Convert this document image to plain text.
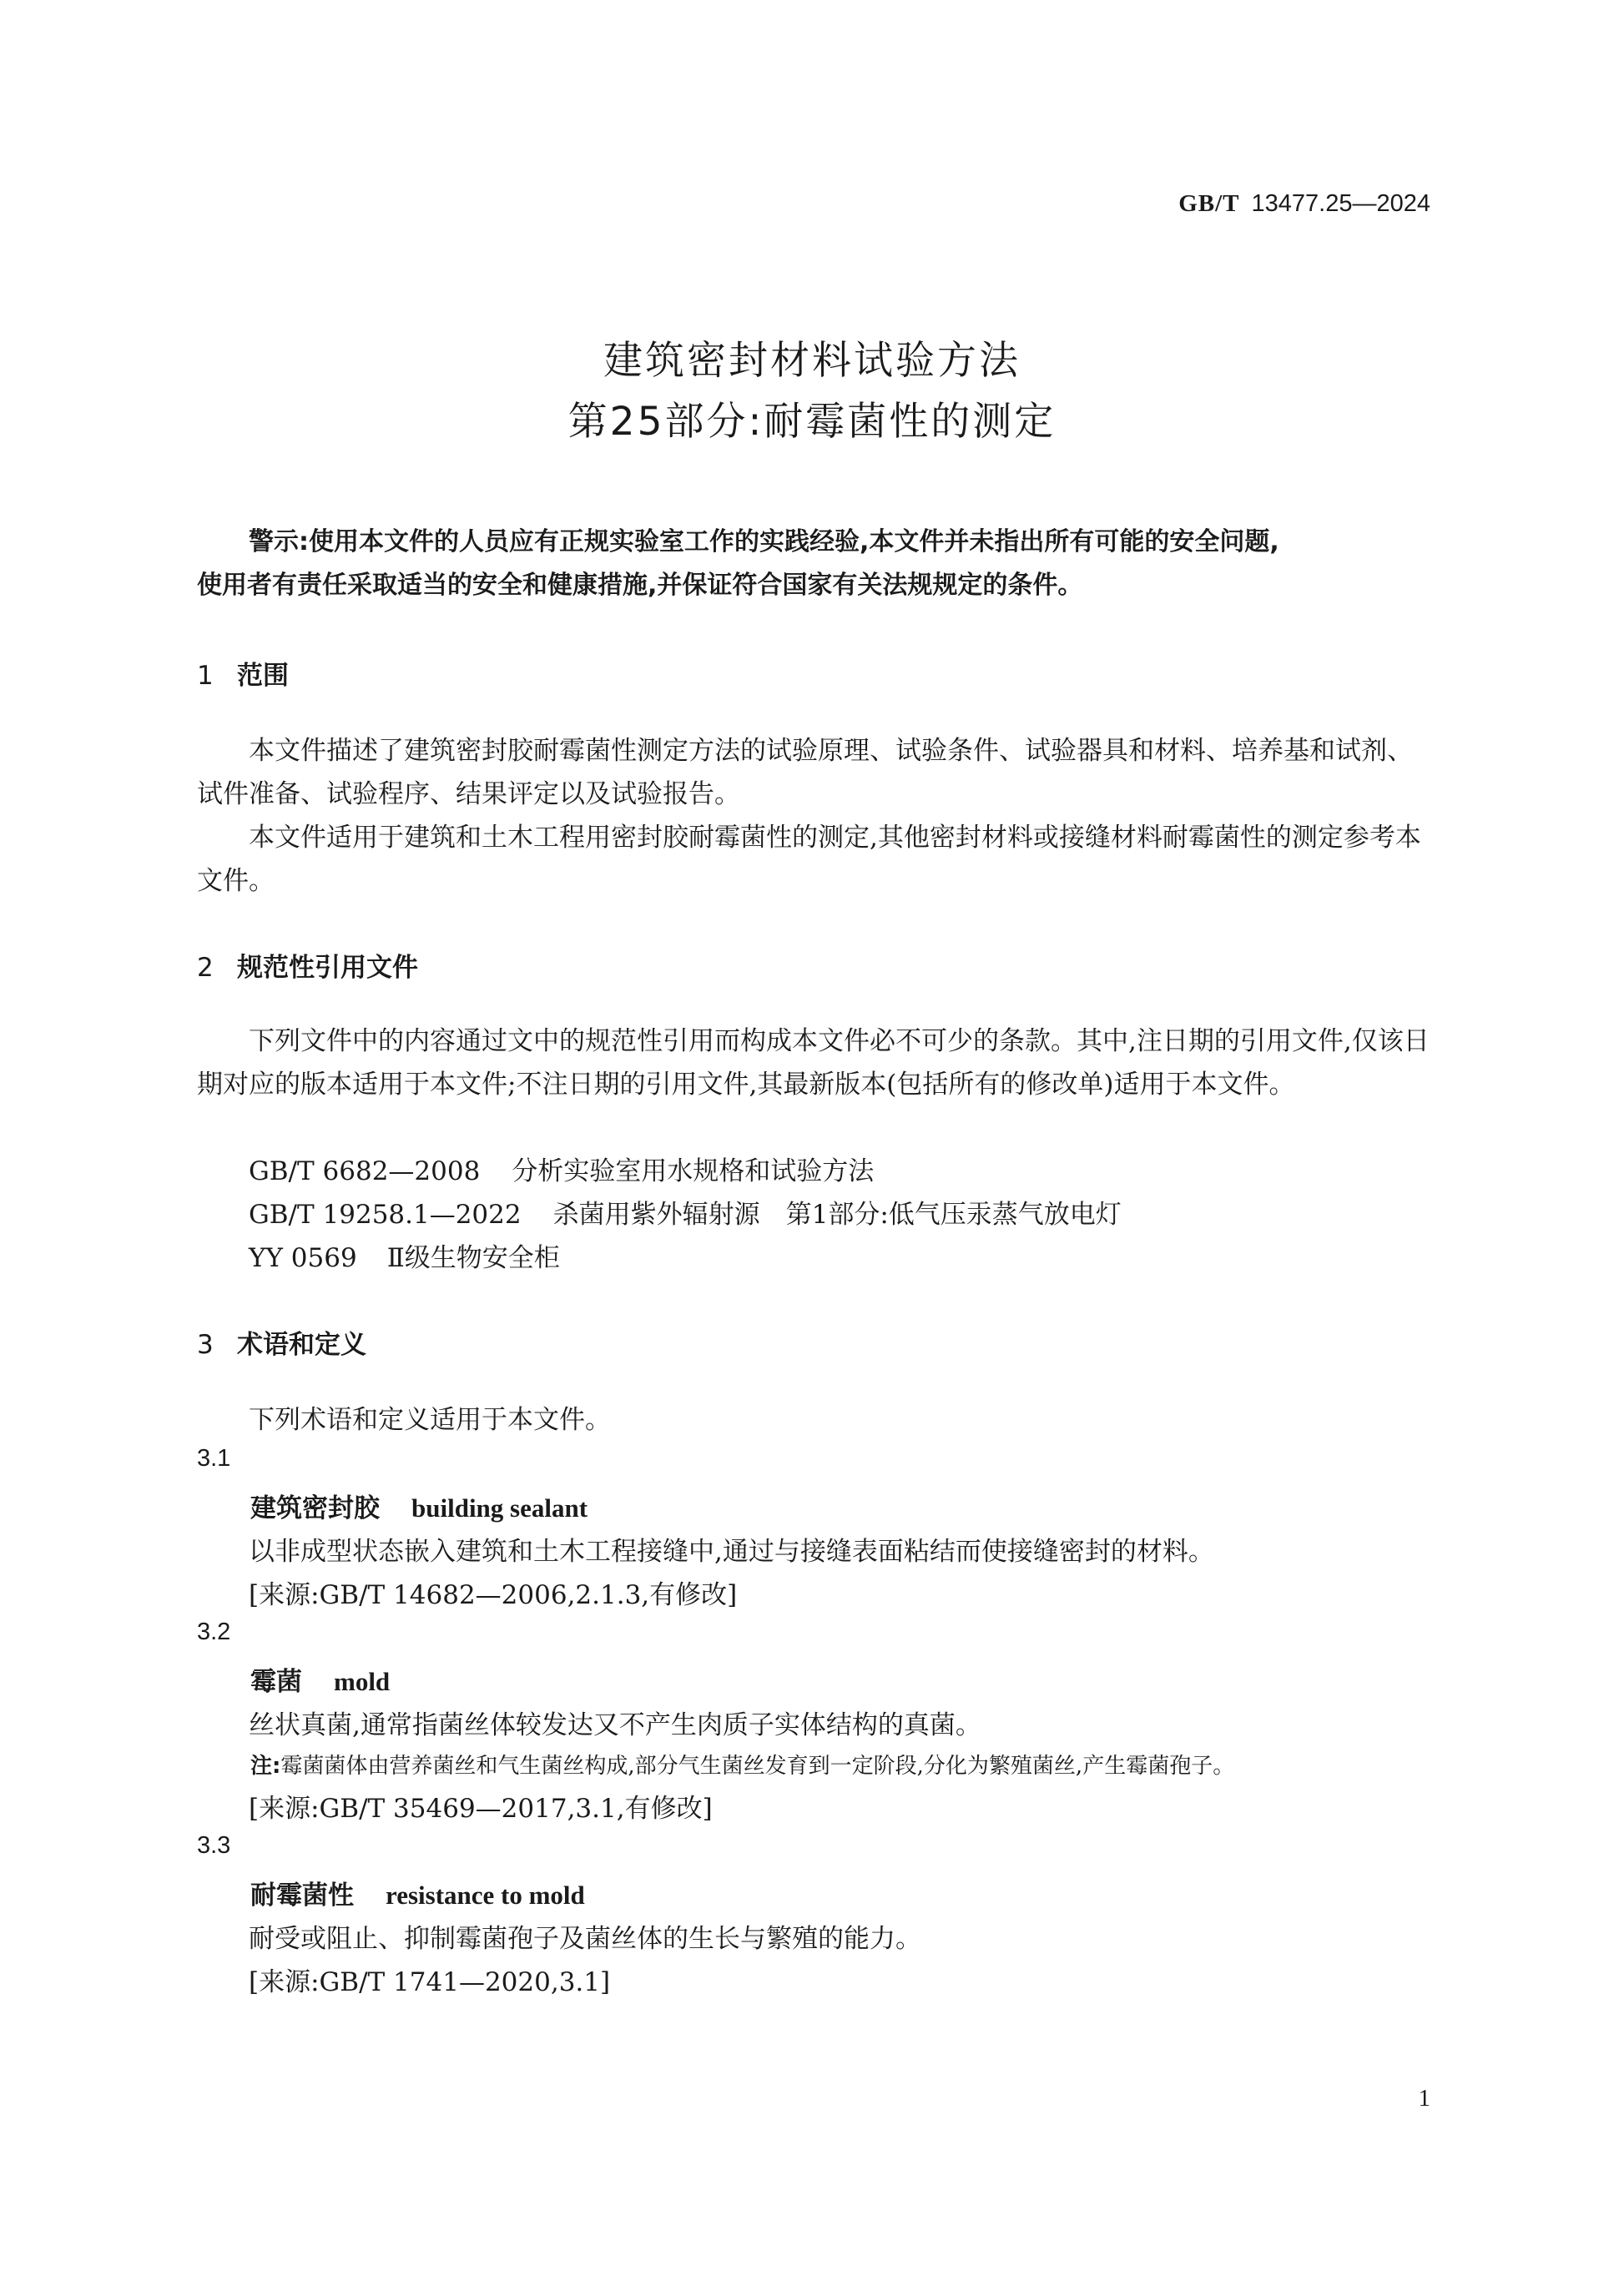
GB/T 13477.25—2024
建筑密封材料试验方法
第25部分:耐霉菌性的测定
警示:使用本文件的人员应有正规实验室工作的实践经验,本文件并未指出所有可能的安全问题,
使用者有责任采取适当的安全和健康措施,并保证符合国家有关法规规定的条件。
1 范围
本文件描述了建筑密封胶耐霉菌性测定方法的试验原理、试验条件、试验器具和材料、培养基和试剂、试件准备、试验程序、结果评定以及试验报告。
本文件适用于建筑和土木工程用密封胶耐霉菌性的测定,其他密封材料或接缝材料耐霉菌性的测定参考本文件。
2 规范性引用文件
下列文件中的内容通过文中的规范性引用而构成本文件必不可少的条款。其中,注日期的引用文件,仅该日期对应的版本适用于本文件;不注日期的引用文件,其最新版本(包括所有的修改单)适用于本文件。
GB/T 6682—2008 分析实验室用水规格和试验方法
GB/T 19258.1—2022 杀菌用紫外辐射源　第1部分:低气压汞蒸气放电灯
YY 0569 Ⅱ级生物安全柜
3 术语和定义
下列术语和定义适用于本文件。
3.1
建筑密封胶 building sealant
以非成型状态嵌入建筑和土木工程接缝中,通过与接缝表面粘结而使接缝密封的材料。
[来源:GB/T 14682—2006,2.1.3,有修改]
3.2
霉菌 mold
丝状真菌,通常指菌丝体较发达又不产生肉质子实体结构的真菌。
注:霉菌菌体由营养菌丝和气生菌丝构成,部分气生菌丝发育到一定阶段,分化为繁殖菌丝,产生霉菌孢子。
[来源:GB/T 35469—2017,3.1,有修改]
3.3
耐霉菌性 resistance to mold
耐受或阻止、抑制霉菌孢子及菌丝体的生长与繁殖的能力。
[来源:GB/T 1741—2020,3.1]
1
